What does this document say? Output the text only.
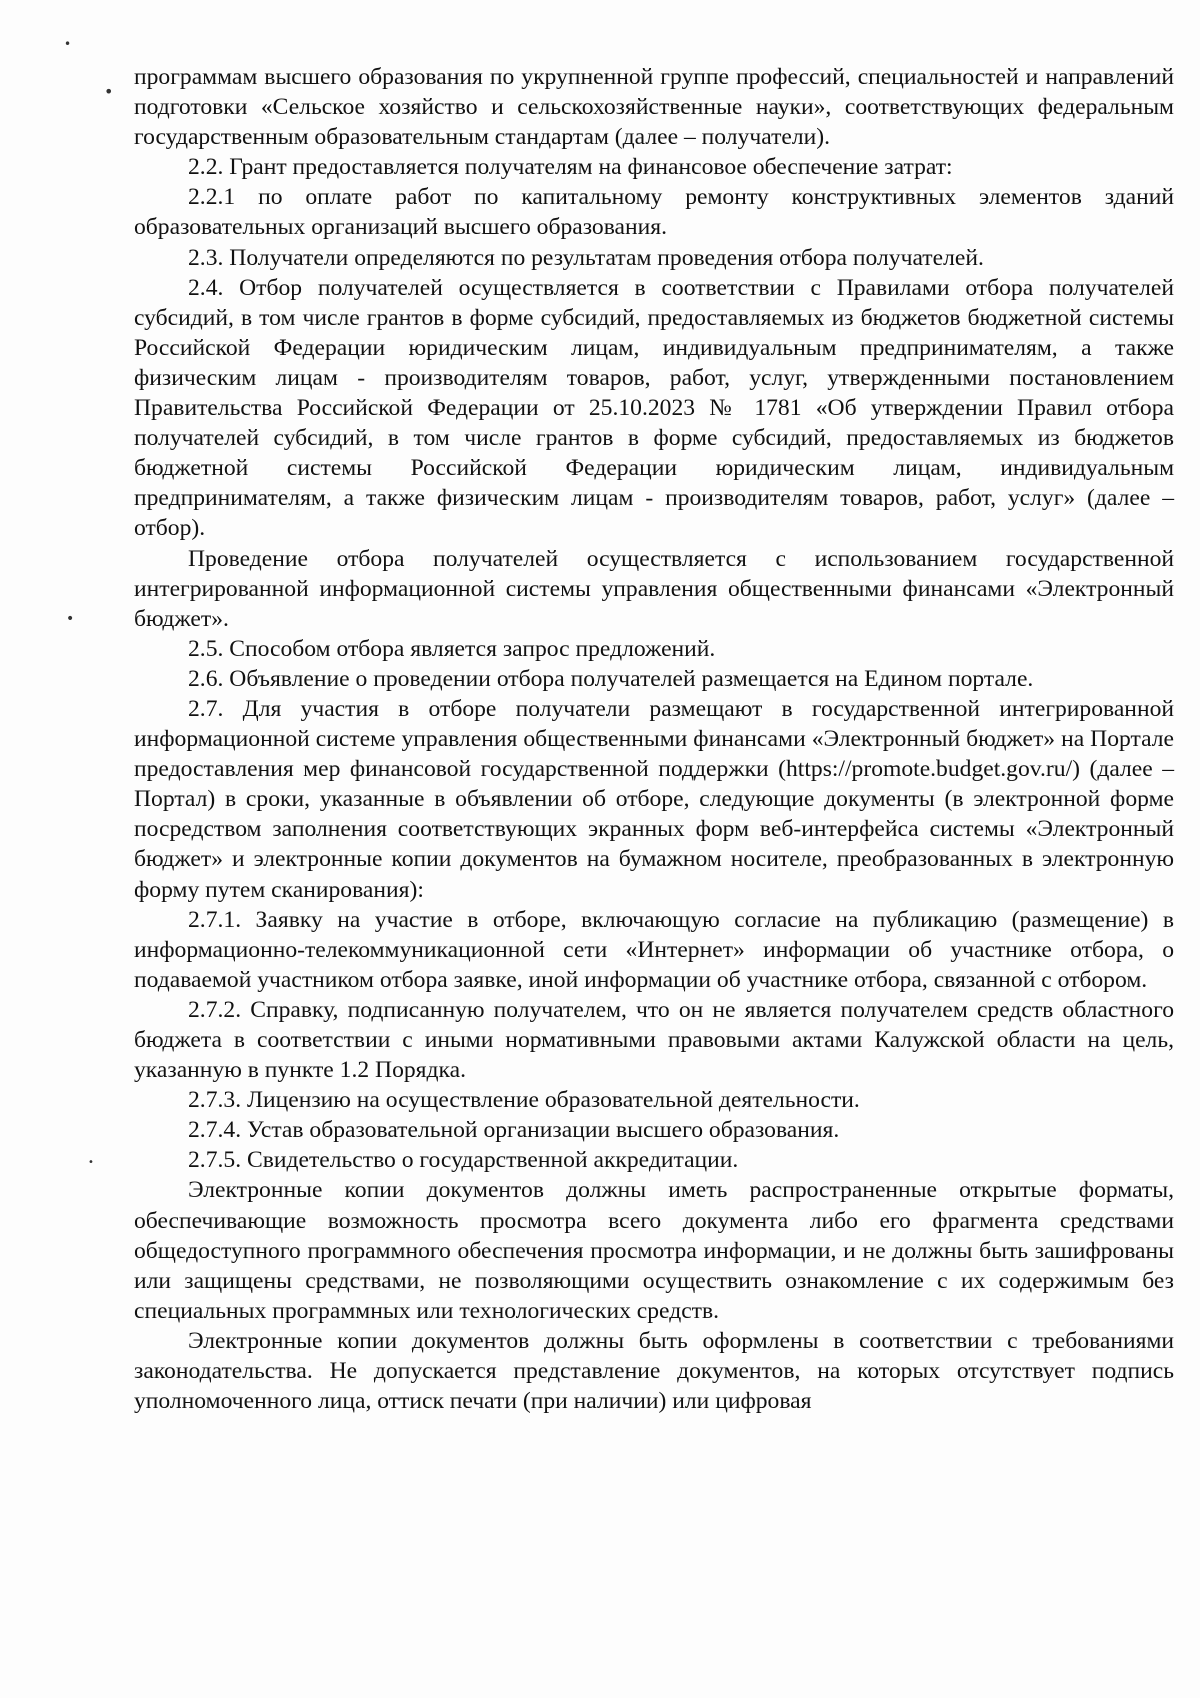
•
•
•
•

программам высшего образования по укрупненной группе профессий, специальностей и направлений подготовки «Сельское хозяйство и сельскохозяйственные науки», соответствующих федеральным государственным образовательным стандартам (далее – получатели).

2.2. Грант предоставляется получателям на финансовое обеспечение затрат:

2.2.1 по оплате работ по капитальному ремонту конструктивных элементов зданий образовательных организаций высшего образования.

2.3. Получатели определяются по результатам проведения отбора получателей.

2.4. Отбор получателей осуществляется в соответствии с Правилами отбора получателей субсидий, в том числе грантов в форме субсидий, предоставляемых из бюджетов бюджетной системы Российской Федерации юридическим лицам, индивидуальным предпринимателям, а также физическим лицам - производителям товаров, работ, услуг, утвержденными постановлением Правительства Российской Федерации от 25.10.2023 № 1781 «Об утверждении Правил отбора получателей субсидий, в том числе грантов в форме субсидий, предоставляемых из бюджетов бюджетной системы Российской Федерации юридическим лицам, индивидуальным предпринимателям, а также физическим лицам - производителям товаров, работ, услуг» (далее – отбор).

Проведение отбора получателей осуществляется с использованием государственной интегрированной информационной системы управления общественными финансами «Электронный бюджет».

2.5. Способом отбора является запрос предложений.

2.6. Объявление о проведении отбора получателей размещается на Едином портале.

2.7. Для участия в отборе получатели размещают в государственной интегрированной информационной системе управления общественными финансами «Электронный бюджет» на Портале предоставления мер финансовой государственной поддержки (https://promote.budget.gov.ru/) (далее – Портал) в сроки, указанные в объявлении об отборе, следующие документы (в электронной форме посредством заполнения соответствующих экранных форм веб-интерфейса системы «Электронный бюджет» и электронные копии документов на бумажном носителе, преобразованных в электронную форму путем сканирования):

2.7.1. Заявку на участие в отборе, включающую согласие на публикацию (размещение) в информационно-телекоммуникационной сети «Интернет» информации об участнике отбора, о подаваемой участником отбора заявке, иной информации об участнике отбора, связанной с отбором.

2.7.2. Справку, подписанную получателем, что он не является получателем средств областного бюджета в соответствии с иными нормативными правовыми актами Калужской области на цель, указанную в пункте 1.2 Порядка.

2.7.3. Лицензию на осуществление образовательной деятельности.

2.7.4. Устав образовательной организации высшего образования.

2.7.5. Свидетельство о государственной аккредитации.

Электронные копии документов должны иметь распространенные открытые форматы, обеспечивающие возможность просмотра всего документа либо его фрагмента средствами общедоступного программного обеспечения просмотра информации, и не должны быть зашифрованы или защищены средствами, не позволяющими осуществить ознакомление с их содержимым без специальных программных или технологических средств.

Электронные копии документов должны быть оформлены в соответствии с требованиями законодательства. Не допускается представление документов, на которых отсутствует подпись уполномоченного лица, оттиск печати (при наличии) или цифровая
